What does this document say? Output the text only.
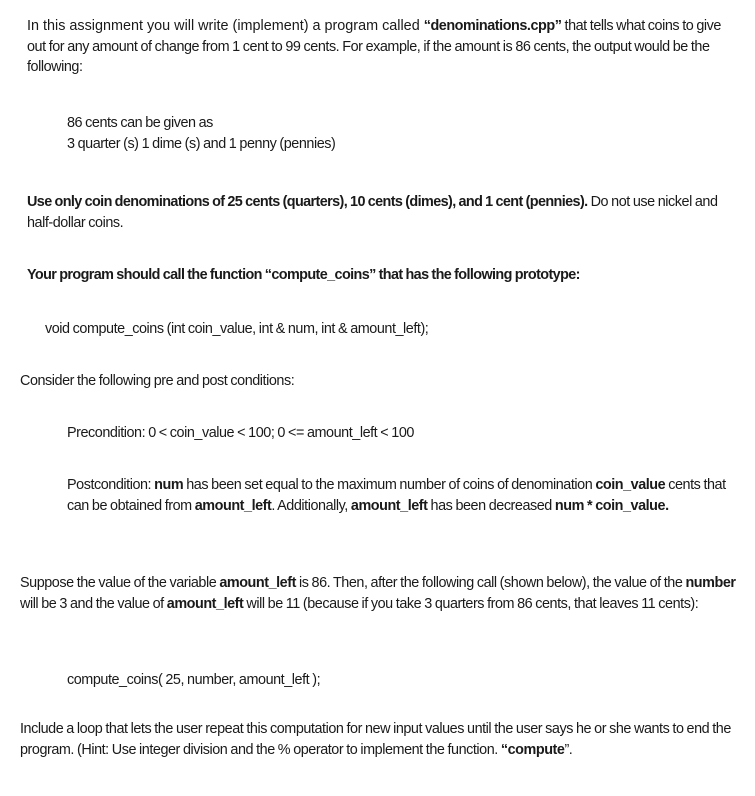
In this assignment you will write (implement) a program called “denominations.cpp” that tells what coins to give out for any amount of change from 1 cent to 99 cents. For example, if the amount is 86 cents, the output would be the following:

86 cents can be given as
3 quarter (s) 1 dime (s) and 1 penny (pennies)

Use only coin denominations of 25 cents (quarters), 10 cents (dimes), and 1 cent (pennies). Do not use nickel and half-dollar coins.

Your program should call the function “compute_coins” that has the following prototype:

void compute_coins (int coin_value, int & num, int & amount_left);

Consider the following pre and post conditions:

Precondition: 0 < coin_value < 100; 0 <= amount_left < 100

Postcondition: num has been set equal to the maximum number of coins of denomination coin_value cents that can be obtained from amount_left. Additionally, amount_left has been decreased num * coin_value.

Suppose the value of the variable amount_left is 86. Then, after the following call (shown below), the value of the number will be 3 and the value of amount_left will be 11 (because if you take 3 quarters from 86 cents, that leaves 11 cents):

compute_coins( 25, number, amount_left );

Include a loop that lets the user repeat this computation for new input values until the user says he or she wants to end the program. (Hint: Use integer division and the % operator to implement the function. “compute”.
